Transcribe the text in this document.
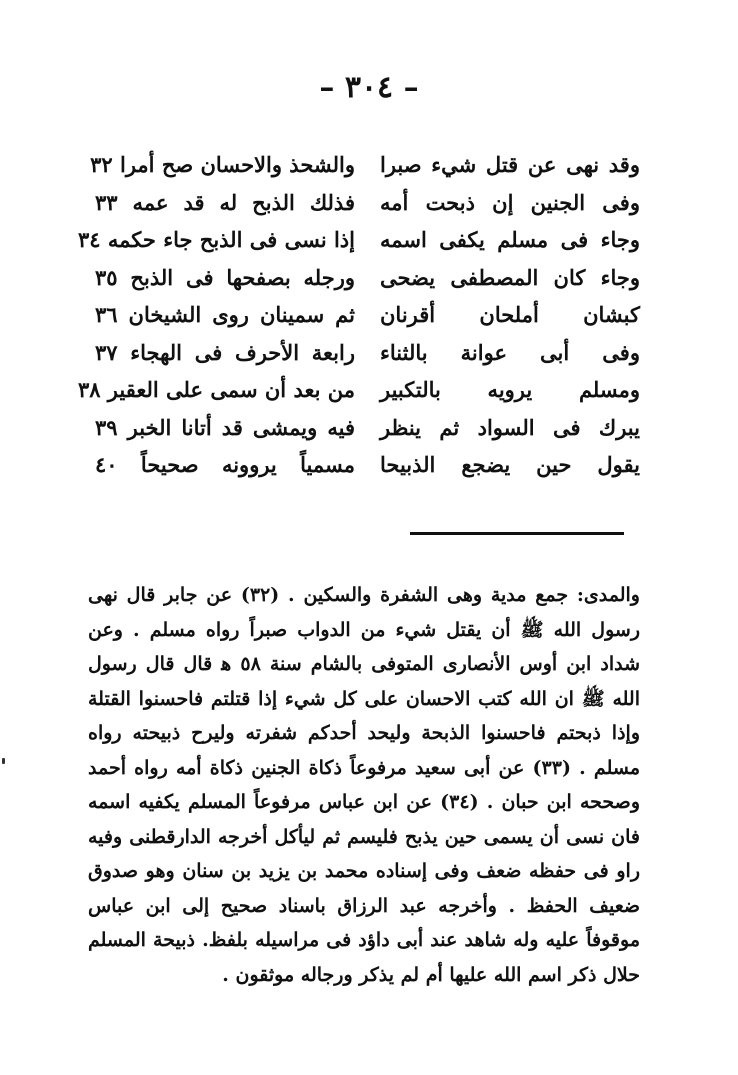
– ٣٠٤ –
وقد نهى عن قتل شيء صبرا
والشحذ والاحسان صح أمرا ٣٢
وفى الجنين إن ذبحت أمه
فذلك الذبح له قد عمه ٣٣
وجاء فى مسلم يكفى اسمه
إذا نسى فى الذبح جاء حكمه ٣٤
وجاء كان المصطفى يضحى
ورجله بصفحها فى الذبح ٣٥
كبشان أملحان أقرنان
ثم سمينان روى الشيخان ٣٦
وفى أبى عوانة بالثناء
رابعة الأحرف فى الهجاء ٣٧
ومسلم يرويه بالتكبير
من بعد أن سمى على العقير ٣٨
يبرك فى السواد ثم ينظر
فيه ويمشى قد أتانا الخبر ٣٩
يقول حين يضجع الذبيحا
مسمياً يروونه صحيحاً ٤٠
والمدى: جمع مدية وهى الشفرة والسكين . (٣٢) عن جابر قال نهى رسول الله ﷺ أن يقتل شيء من الدواب صبراً رواه مسلم . وعن شداد ابن أوس الأنصارى المتوفى بالشام سنة ٥٨ ﻫ قال قال رسول الله ﷺ ان الله كتب الاحسان على كل شيء إذا قتلتم فاحسنوا القتلة وإذا ذبحتم فاحسنوا الذبحة وليحد أحدكم شفرته وليرح ذبيحته رواه مسلم . (٣٣) عن أبى سعيد مرفوعاً ذكاة الجنين ذكاة أمه رواه أحمد وصححه ابن حبان . (٣٤) عن ابن عباس مرفوعاً المسلم يكفيه اسمه فان نسى أن يسمى حين يذبح فليسم ثم ليأكل أخرجه الدارقطنى وفيه راو فى حفظه ضعف وفى إسناده محمد بن يزيد بن سنان وهو صدوق ضعيف الحفظ . وأخرجه عبد الرزاق باسناد صحيح إلى ابن عباس موقوفاً عليه وله شاهد عند أبى داؤد فى مراسيله بلفظ. ذبيحة المسلم حلال ذكر اسم الله عليها أم لم يذكر ورجاله موثقون .
